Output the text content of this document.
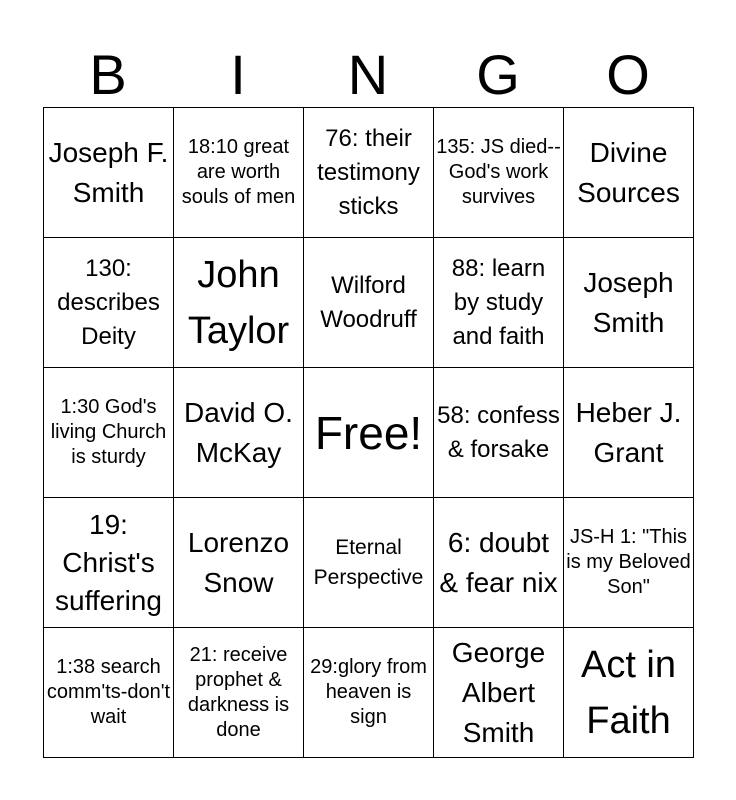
B	I	N	G	O
Joseph F. Smith	18:10 great are worth souls of men	76: their testimony sticks	135: JS died--God's work survives	Divine Sources
130: describes Deity	John Taylor	Wilford Woodruff	88: learn by study and faith	Joseph Smith
1:30 God's living Church is sturdy	David O. McKay	Free!	58: confess & forsake	Heber J. Grant
19: Christ's suffering	Lorenzo Snow	Eternal Perspective	6: doubt & fear nix	JS-H 1: "This is my Beloved Son"
1:38 search comm'ts-don't wait	21: receive prophet & darkness is done	29:glory from heaven is sign	George Albert Smith	Act in Faith
